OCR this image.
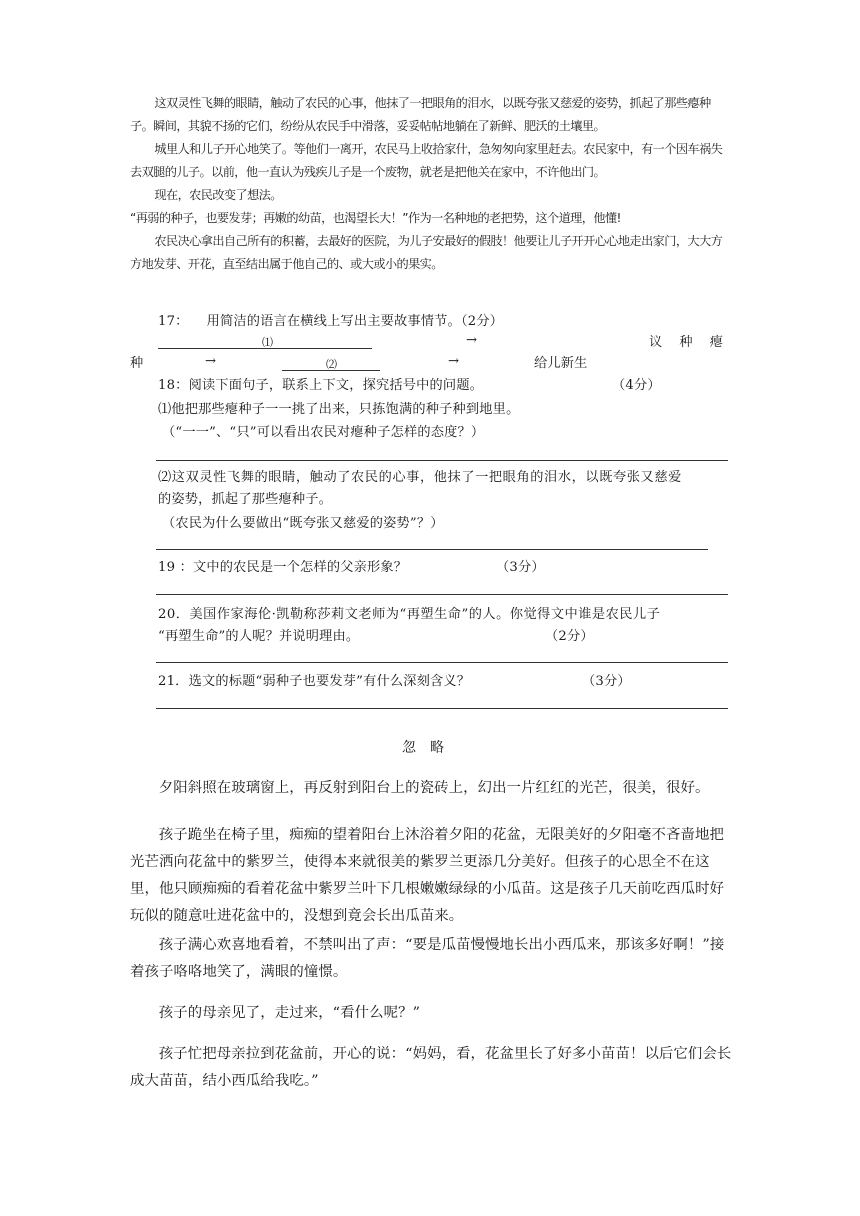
这双灵性飞舞的眼睛，触动了农民的心事，他抹了一把眼角的泪水，以既夸张又慈爱的姿势，抓起了那些瘪种子。瞬间，其貌不扬的它们，纷纷从农民手中滑落，妥妥帖帖地躺在了新鲜、肥沃的土壤里。

城里人和儿子开心地笑了。等他们一离开，农民马上收拾家什，急匆匆向家里赶去。农民家中，有一个因车祸失去双腿的儿子。以前，他一直认为残疾儿子是一个废物，就老是把他关在家中，不许他出门。

现在，农民改变了想法。

“再弱的种子，也要发芽；再嫩的幼苗，也渴望长大！”作为一名种地的老把势，这个道理，他懂!

农民决心拿出自己所有的积蓄，去最好的医院，为儿子安最好的假肢！他要让儿子开开心心地走出家门，大大方方地发芽、开花，直至结出属于他自己的、或大或小的果实。

17： 用简洁的语言在横线上写出主要故事情节。（2分）
⑴	→	议　种　瘪
种	→	⑵	→	给儿新生
18：阅读下面句子，联系上下文，探究括号中的问题。	（4分）
⑴他把那些瘪种子一一挑了出来，只拣饱满的种子种到地里。
（“一一”、“只”可以看出农民对瘪种子怎样的态度？）
⑵这双灵性飞舞的眼睛，触动了农民的心事，他抹了一把眼角的泪水，以既夸张又慈爱
的姿势，抓起了那些瘪种子。
（农民为什么要做出“既夸张又慈爱的姿势”？）
19 ：文中的农民是一个怎样的父亲形象？	（3分）
20．美国作家海伦·凯勒称莎莉文老师为“再塑生命”的人。你觉得文中谁是农民儿子
“再塑生命”的人呢？并说明理由。	（2分）
21．选文的标题“弱种子也要发芽”有什么深刻含义？	（3分）
忽略

夕阳斜照在玻璃窗上，再反射到阳台上的瓷砖上，幻出一片红红的光芒，很美，很好。

孩子跪坐在椅子里，痴痴的望着阳台上沐浴着夕阳的花盆，无限美好的夕阳毫不吝啬地把光芒洒向花盆中的紫罗兰，使得本来就很美的紫罗兰更添几分美好。但孩子的心思全不在这里，他只顾痴痴的看着花盆中紫罗兰叶下几根嫩嫩绿绿的小瓜苗。这是孩子几天前吃西瓜时好玩似的随意吐进花盆中的，没想到竟会长出瓜苗来。

孩子满心欢喜地看着，不禁叫出了声：“要是瓜苗慢慢地长出小西瓜来，那该多好啊！”接着孩子咯咯地笑了，满眼的憧憬。

孩子的母亲见了，走过来，“看什么呢？”

孩子忙把母亲拉到花盆前，开心的说：“妈妈，看，花盆里长了好多小苗苗！以后它们会长成大苗苗，结小西瓜给我吃。”
